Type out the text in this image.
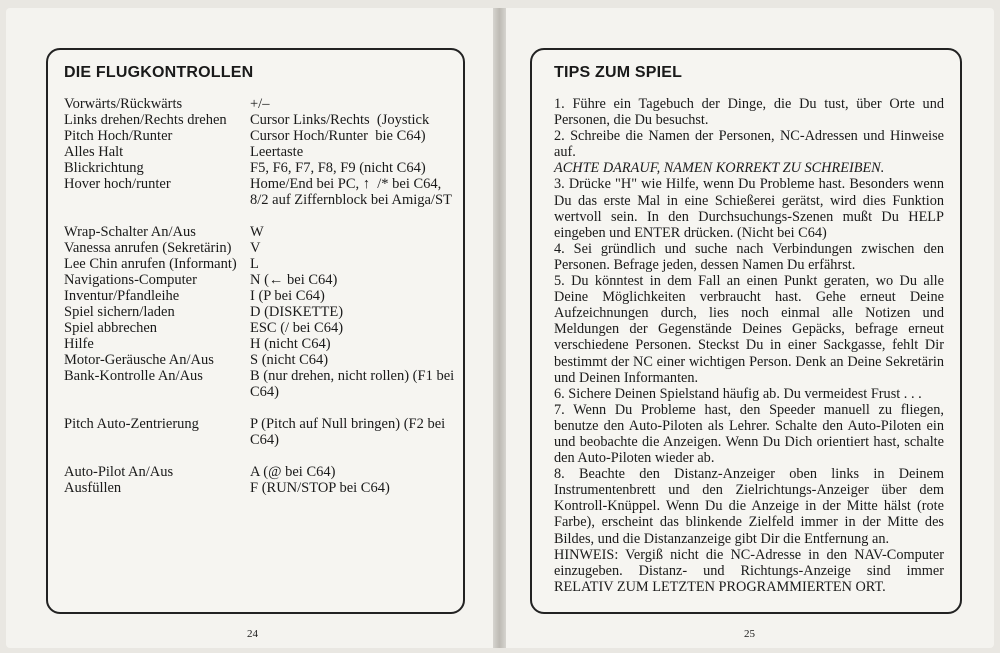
DIE FLUGKONTROLLEN
Vorwärts/Rückwärts	+/–
Links drehen/Rechts drehen	Cursor Links/Rechts  (Joystick
Pitch Hoch/Runter	Cursor Hoch/Runter  bie C64)
Alles Halt	Leertaste
Blickrichtung	F5, F6, F7, F8, F9 (nicht C64)
Hover hoch/runter	Home/End bei PC, ↑  /* bei C64, 8/2 auf Ziffernblock bei Amiga/ST
Wrap-Schalter An/Aus	W
Vanessa anrufen (Sekretärin)	V
Lee Chin anrufen (Informant) L
Navigations-Computer	N (← bei C64)
Inventur/Pfandleihe	I (P bei C64)
Spiel sichern/laden	D (DISKETTE)
Spiel abbrechen	ESC (/ bei C64)
Hilfe	H (nicht C64)
Motor-Geräusche An/Aus	S (nicht C64)
Bank-Kontrolle An/Aus	B (nur drehen, nicht rollen) (F1 bei C64)
Pitch Auto-Zentrierung	P (Pitch auf Null bringen) (F2 bei C64)
Auto-Pilot An/Aus	A (@ bei C64)
Ausfüllen	F (RUN/STOP bei C64)
24
TIPS ZUM SPIEL

1. Führe ein Tagebuch der Dinge, die Du tust, über Orte und Personen, die Du besuchst.

2. Schreibe die Namen der Personen, NC-Adressen und Hinweise auf.

ACHTE DARAUF, NAMEN KORREKT ZU SCHREIBEN.

3. Drücke "H" wie Hilfe, wenn Du Probleme hast. Besonders wenn Du das erste Mal in eine Schießerei gerätst, wird dies Funktion wertvoll sein. In den Durchsuchungs-Szenen mußt Du HELP eingeben und ENTER drücken. (Nicht bei C64)

4. Sei gründlich und suche nach Verbindungen zwischen den Personen. Befrage jeden, dessen Namen Du erfährst.

5. Du könntest in dem Fall an einen Punkt geraten, wo Du alle Deine Möglichkeiten verbraucht hast. Gehe erneut Deine Aufzeichnungen durch, lies noch einmal alle Notizen und Meldungen der Gegenstände Deines Gepäcks, befrage erneut verschiedene Personen. Steckst Du in einer Sackgasse, fehlt Dir bestimmt der NC einer wichtigen Person. Denk an Deine Sekretärin und Deinen Informanten.

6. Sichere Deinen Spielstand häufig ab. Du vermeidest Frust . . .

7. Wenn Du Probleme hast, den Speeder manuell zu fliegen, benutze den Auto-Piloten als Lehrer. Schalte den Auto-Piloten ein und beobachte die Anzeigen. Wenn Du Dich orientiert hast, schalte den Auto-Piloten wieder ab.

8. Beachte den Distanz-Anzeiger oben links in Deinem Instrumentenbrett und den Zielrichtungs-Anzeiger über dem Kontroll-Knüppel. Wenn Du die Anzeige in der Mitte hälst (rote Farbe), erscheint das blinkende Zielfeld immer in der Mitte des Bildes, und die Distanzanzeige gibt Dir die Entfernung an.

HINWEIS: Vergiß nicht die NC-Adresse in den NAV-Computer einzugeben. Distanz- und Richtungs-Anzeige sind immer RELATIV ZUM LETZTEN PROGRAMMIERTEN ORT.

25
